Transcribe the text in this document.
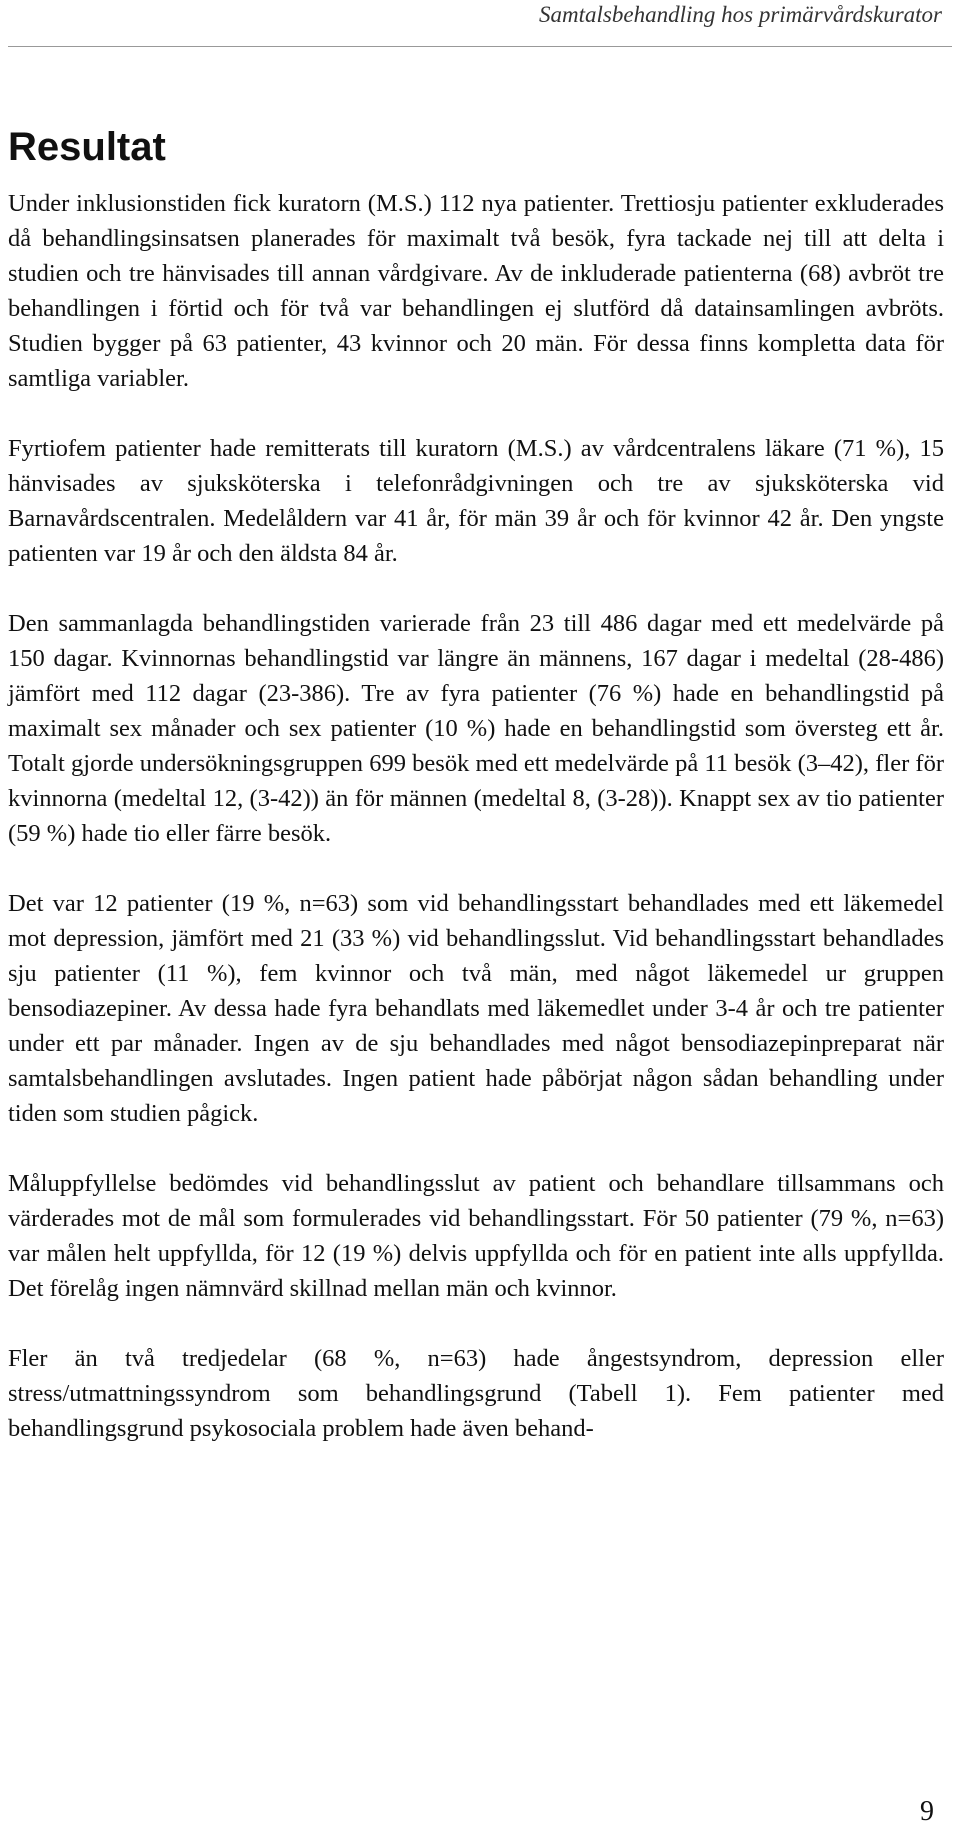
Samtalsbehandling hos primärvårdskurator
Resultat

Under inklusionstiden fick kuratorn (M.S.) 112 nya patienter. Trettiosju patienter exkluderades då behandlingsinsatsen planerades för maximalt två besök, fyra tackade nej till att delta i studien och tre hänvisades till annan vårdgivare. Av de inkluderade patienterna (68) avbröt tre behandlingen i förtid och för två var behandlingen ej slutförd då datainsamlingen avbröts. Studien bygger på 63 patienter, 43 kvinnor och 20 män. För dessa finns kompletta data för samtliga variabler.

Fyrtiofem patienter hade remitterats till kuratorn (M.S.) av vårdcentralens läkare (71 %), 15 hänvisades av sjuksköterska i telefonrådgivningen och tre av sjuksköterska vid Barnavårdscentralen. Medelåldern var 41 år, för män 39 år och för kvinnor 42 år. Den yngste patienten var 19 år och den äldsta 84 år.

Den sammanlagda behandlingstiden varierade från 23 till 486 dagar med ett medelvärde på 150 dagar. Kvinnornas behandlingstid var längre än männens, 167 dagar i medeltal (28-486) jämfört med 112 dagar (23-386). Tre av fyra patienter (76 %) hade en behandlingstid på maximalt sex månader och sex patienter (10 %) hade en behandlingstid som översteg ett år. Totalt gjorde undersökningsgruppen 699 besök med ett medelvärde på 11 besök (3–42), fler för kvinnorna (medeltal 12, (3-42)) än för männen (medeltal 8, (3-28)). Knappt sex av tio patienter (59 %) hade tio eller färre besök.

Det var 12 patienter (19 %, n=63) som vid behandlingsstart behandlades med ett läkemedel mot depression, jämfört med 21 (33 %) vid behandlingsslut. Vid behandlingsstart behandlades sju patienter (11 %), fem kvinnor och två män, med något läkemedel ur gruppen bensodiazepiner. Av dessa hade fyra behandlats med läkemedlet under 3-4 år och tre patienter under ett par månader. Ingen av de sju behandlades med något bensodiazepinpreparat när samtalsbehandlingen avslutades. Ingen patient hade påbörjat någon sådan behandling under tiden som studien pågick.

Måluppfyllelse bedömdes vid behandlingsslut av patient och behandlare tillsammans och värderades mot de mål som formulerades vid behandlingsstart. För 50 patienter (79 %, n=63) var målen helt uppfyllda, för 12 (19 %) delvis uppfyllda och för en patient inte alls uppfyllda. Det förelåg ingen nämnvärd skillnad mellan män och kvinnor.

Fler än två tredjedelar (68 %, n=63) hade ångestsyndrom, depression eller stress/utmattningssyndrom som behandlingsgrund (Tabell 1). Fem patienter med behandlingsgrund psykosociala problem hade även behand-

9
